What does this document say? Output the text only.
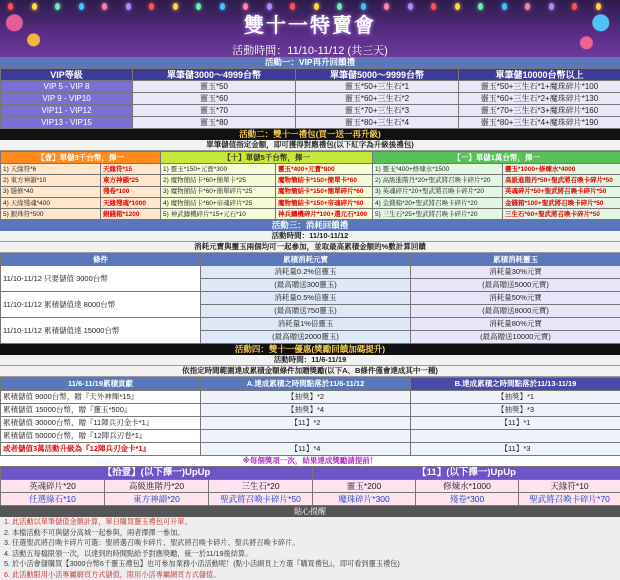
雙十一特賣會
活動時間：11/10-11/12 (共三天)
活動一：VIP再升回饋禮
VIP等級	單筆儲3000～4999台幣	單筆儲5000～9999台幣	單筆儲10000台幣以上
VIP 5 - VIP 8	靈玉*50	靈玉*50+三生石*1	靈玉*50+三生石*1+魔珠碎片*100
VIP 9 - VIP10	靈玉*60	靈玉*60+三生石*2	靈玉*60+三生石*2+魔珠碎片*130
VIP11 - VIP12	靈玉*70	靈玉*70+三生石*3	靈玉*70+三生石*3+魔珠碎片*160
VIP13 - VIP15	靈玉*80	靈玉*80+三生石*4	靈玉*80+三生石*4+魔珠碎片*190
活動二：雙十一禮包(買一送一再升級)
單筆儲值指定金額，即可獲得對應禮包(以下紅字為升級後禮包)
【壹】單儲3千台幣，擇一		【十】單儲5千台幣，擇一		【一】單儲1萬台幣，擇一	
1) 天緣符*6	天緣符*15	1) 靈玉*150+元寶*300	靈玉*400+元寶*800	1) 靈玉*400+修煉水*1500	靈玉*1000+修煉水*4000
2) 東方神韻*10	東方神韻*25	2) 魔物簡結卡*60+簡單卡*25	魔物簡結卡*150+簡單卡*60	2) 高級進階丹*20+聖武將召喚卡碎片*20	高級進階丹*50+聖武將召喚卡碎片*50
3) 隱修*40	殘卷*100	3) 魔物簡結卡*60+簡單碎片*25	魔物簡結卡*150+簡單碎片*60	3) 英魂碎片*20+聖武將召喚卡碎片*20	英魂碎片*50+聖武將召喚卡碎片*50
4) 天緣殘魂*400	天緣殘魂*1000	4) 魔物簡結卡*60+帝魂碎片*25	魔物簡結卡*150+帝魂碎片*60	4) 金錢箱*20+聖武將召喚卡碎片*20	金錢箱*100+聖武將召喚卡碎片*50
5) 銀珠符*500	銀錢箱*1200	5) 神武鑄機碎片*15+元石*10	神兵鑄機碎片*100+選元石*100	5) 三生石*25+聖武將召喚卡碎片*20	三生石*60+聖武將召喚卡碎片*50
活動三：消耗回饋禮
活動時間：11/10-11/12
消耗元寶與靈玉兩個均可一起參加，並取最高累積金額的%數計算回饋
條件	累積消耗元寶	累積消耗靈玉
11/10-11/12 只要儲值 3000台幣	消耗量0.2%倍靈玉	消耗量30%元寶
	(最高贈送300靈玉)	(最高贈送5000元寶)
11/10-11/12 累積儲值達 8000台幣	消耗量0.5%倍靈玉	消耗量50%元寶
	(最高贈送750靈玉)	(最高贈送8000元寶)
11/10-11/12 累積儲值達 15000台幣	消耗量1%倍靈玉	消耗量80%元寶
	(最高贈送2000靈玉)	(最高贈送10000元寶)
活動四：雙十一優惠(獎勵回饋加碼提升)
活動時間：11/6-11/19
依指定時間範圍達成累積金額條件加贈獎勵(以下A、B條件僅會達成其中一種)
11/6-11/19累積貢獻	A.達成累積之時間點落於11/6-11/12	B.達成累積之時間點落於11/13-11/19
累積儲值 9000台幣，贈『天外神輝*15』	【抽獎】*2	【抽獎】*1
累積儲值 15000台幣，贈『靈玉*500』	【抽獎】*4	【抽獎】*3
累積儲值 30000台幣，贈『11陣兵刃金卡*1』	【11】*2	【11】*1
累積儲值 50000台幣，贈『12陣兵刃卷*1』		
或者儲值3萬活動升級為『12陣兵刃金卡*1』	【11】*4	【11】*3
※每個獎項一次，結果達成獎勵請提前！
【拾壹】(以下擇一)UpUp			【11】(以下擇一)UpUp		
英魂碎片*20	高級進階丹*20	三生石*20	靈玉*200	修煉水*1000	天緣符*10
任選綠石*10	東方神韻*20	聖武將召喚卡碎片*50	魔珠碎片*300	殘卷*300	聖武將召喚卡碎片*70
貼心提醒
1. 此活動以單筆儲值金額計算，單日購買靈玉禮包可升單。
2. 本檔活動不可與儲分高城一起參與，兩者擇擇一參加。
3. 任選聖武將召喚卡碎片可選：聖將選召喚卡碎片、聖武將召喚卡碎片、聖兵將召喚卡碎片。
4. 活動五每檔限領一次，以達到的時間點給予對應獎勵，統一於11/19後結算。
5. 於小活會儲購買【3000台幣6千靈玉禮包】也可參加業務小活活動呢！(點小活網頁上方選『購買禮包』，即可看到靈玉禮包)
6. 此活動限用小活專屬網頁方式儲值，限用小活專屬網頁方式儲值。
